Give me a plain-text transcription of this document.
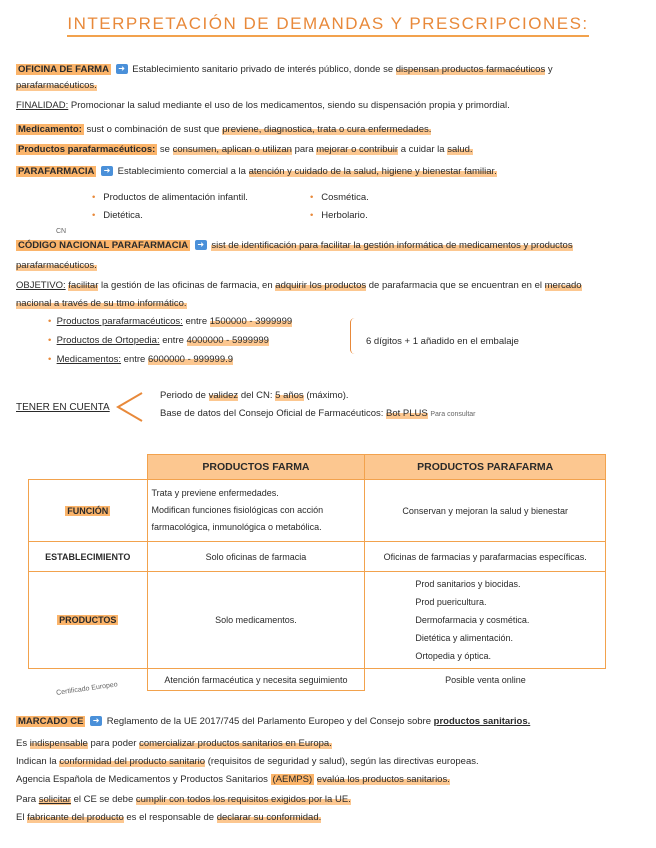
INTERPRETACIÓN DE DEMANDAS Y PRESCRIPCIONES:
OFICINA DE FARMA ➜ Establecimiento sanitario privado de interés público, donde se dispensan productos farmacéuticos y
parafarmacéuticos.
FINALIDAD: Promocionar la salud mediante el uso de los medicamentos, siendo su dispensación propia y primordial.
Medicamento: sust o combinación de sust que previene, diagnostica, trata o cura enfermedades.
Productos parafarmacéuticos: se consumen, aplican o utilizan para mejorar o contribuir a cuidar la salud.
PARAFARMACIA ➜ Establecimiento comercial a la atención y cuidado de la salud, higiene y bienestar familiar.
• Productos de alimentación infantil.
• Dietética.
• Cosmética.
• Herbolario.
CN
CÓDIGO NACIONAL PARAFARMACIA ➜ sist de identificación para facilitar la gestión informática de medicamentos y productos
parafarmacéuticos.
OBJETIVO: facilitar la gestión de las oficinas de farmacia, en adquirir los productos de parafarmacia que se encuentran en el mercado
nacional a través de su ttmo informático.
• Productos parafarmacéuticos: entre 1500000 - 3999999
• Productos de Ortopedia: entre 4000000 - 5999999
• Medicamentos: entre 6000000 - 999999.9
6 dígitos + 1 añadido en el embalaje
TENER EN CUENTA
Periodo de validez del CN: 5 años (máximo).
Base de datos del Consejo Oficial de Farmacéuticos: Bot PLUS Para consultar
	PRODUCTOS FARMA	PRODUCTOS PARAFARMA
FUNCIÓN	Trata y previene enfermedades.
Modifican funciones fisiológicas con acción
farmacológica, inmunológica o metabólica.	Conservan y mejoran la salud y bienestar
ESTABLECIMIENTO	Solo oficinas de farmacia	Oficinas de farmacias y parafarmacias específicas.
PRODUCTOS	Solo medicamentos.	Prod sanitarios y biocidas.
Prod puericultura.
Dermofarmacia y cosmética.
Dietética y alimentación.
Ortopedia y óptica.

	Atención farmacéutica y necesita seguimiento	Posible venta online
Certificado Europeo
MARCADO CE ➜ Reglamento de la UE 2017/745 del Parlamento Europeo y del Consejo sobre productos sanitarios.
Es indispensable para poder comercializar productos sanitarios en Europa.
Indican la conformidad del producto sanitario (requisitos de seguridad y salud), según las directivas europeas.
Agencia Española de Medicamentos y Productos Sanitarios (AEMPS) evalúa los productos sanitarios.
Para solicitar el CE se debe cumplir con todos los requisitos exigidos por la UE.
El fabricante del producto es el responsable de declarar su conformidad.
